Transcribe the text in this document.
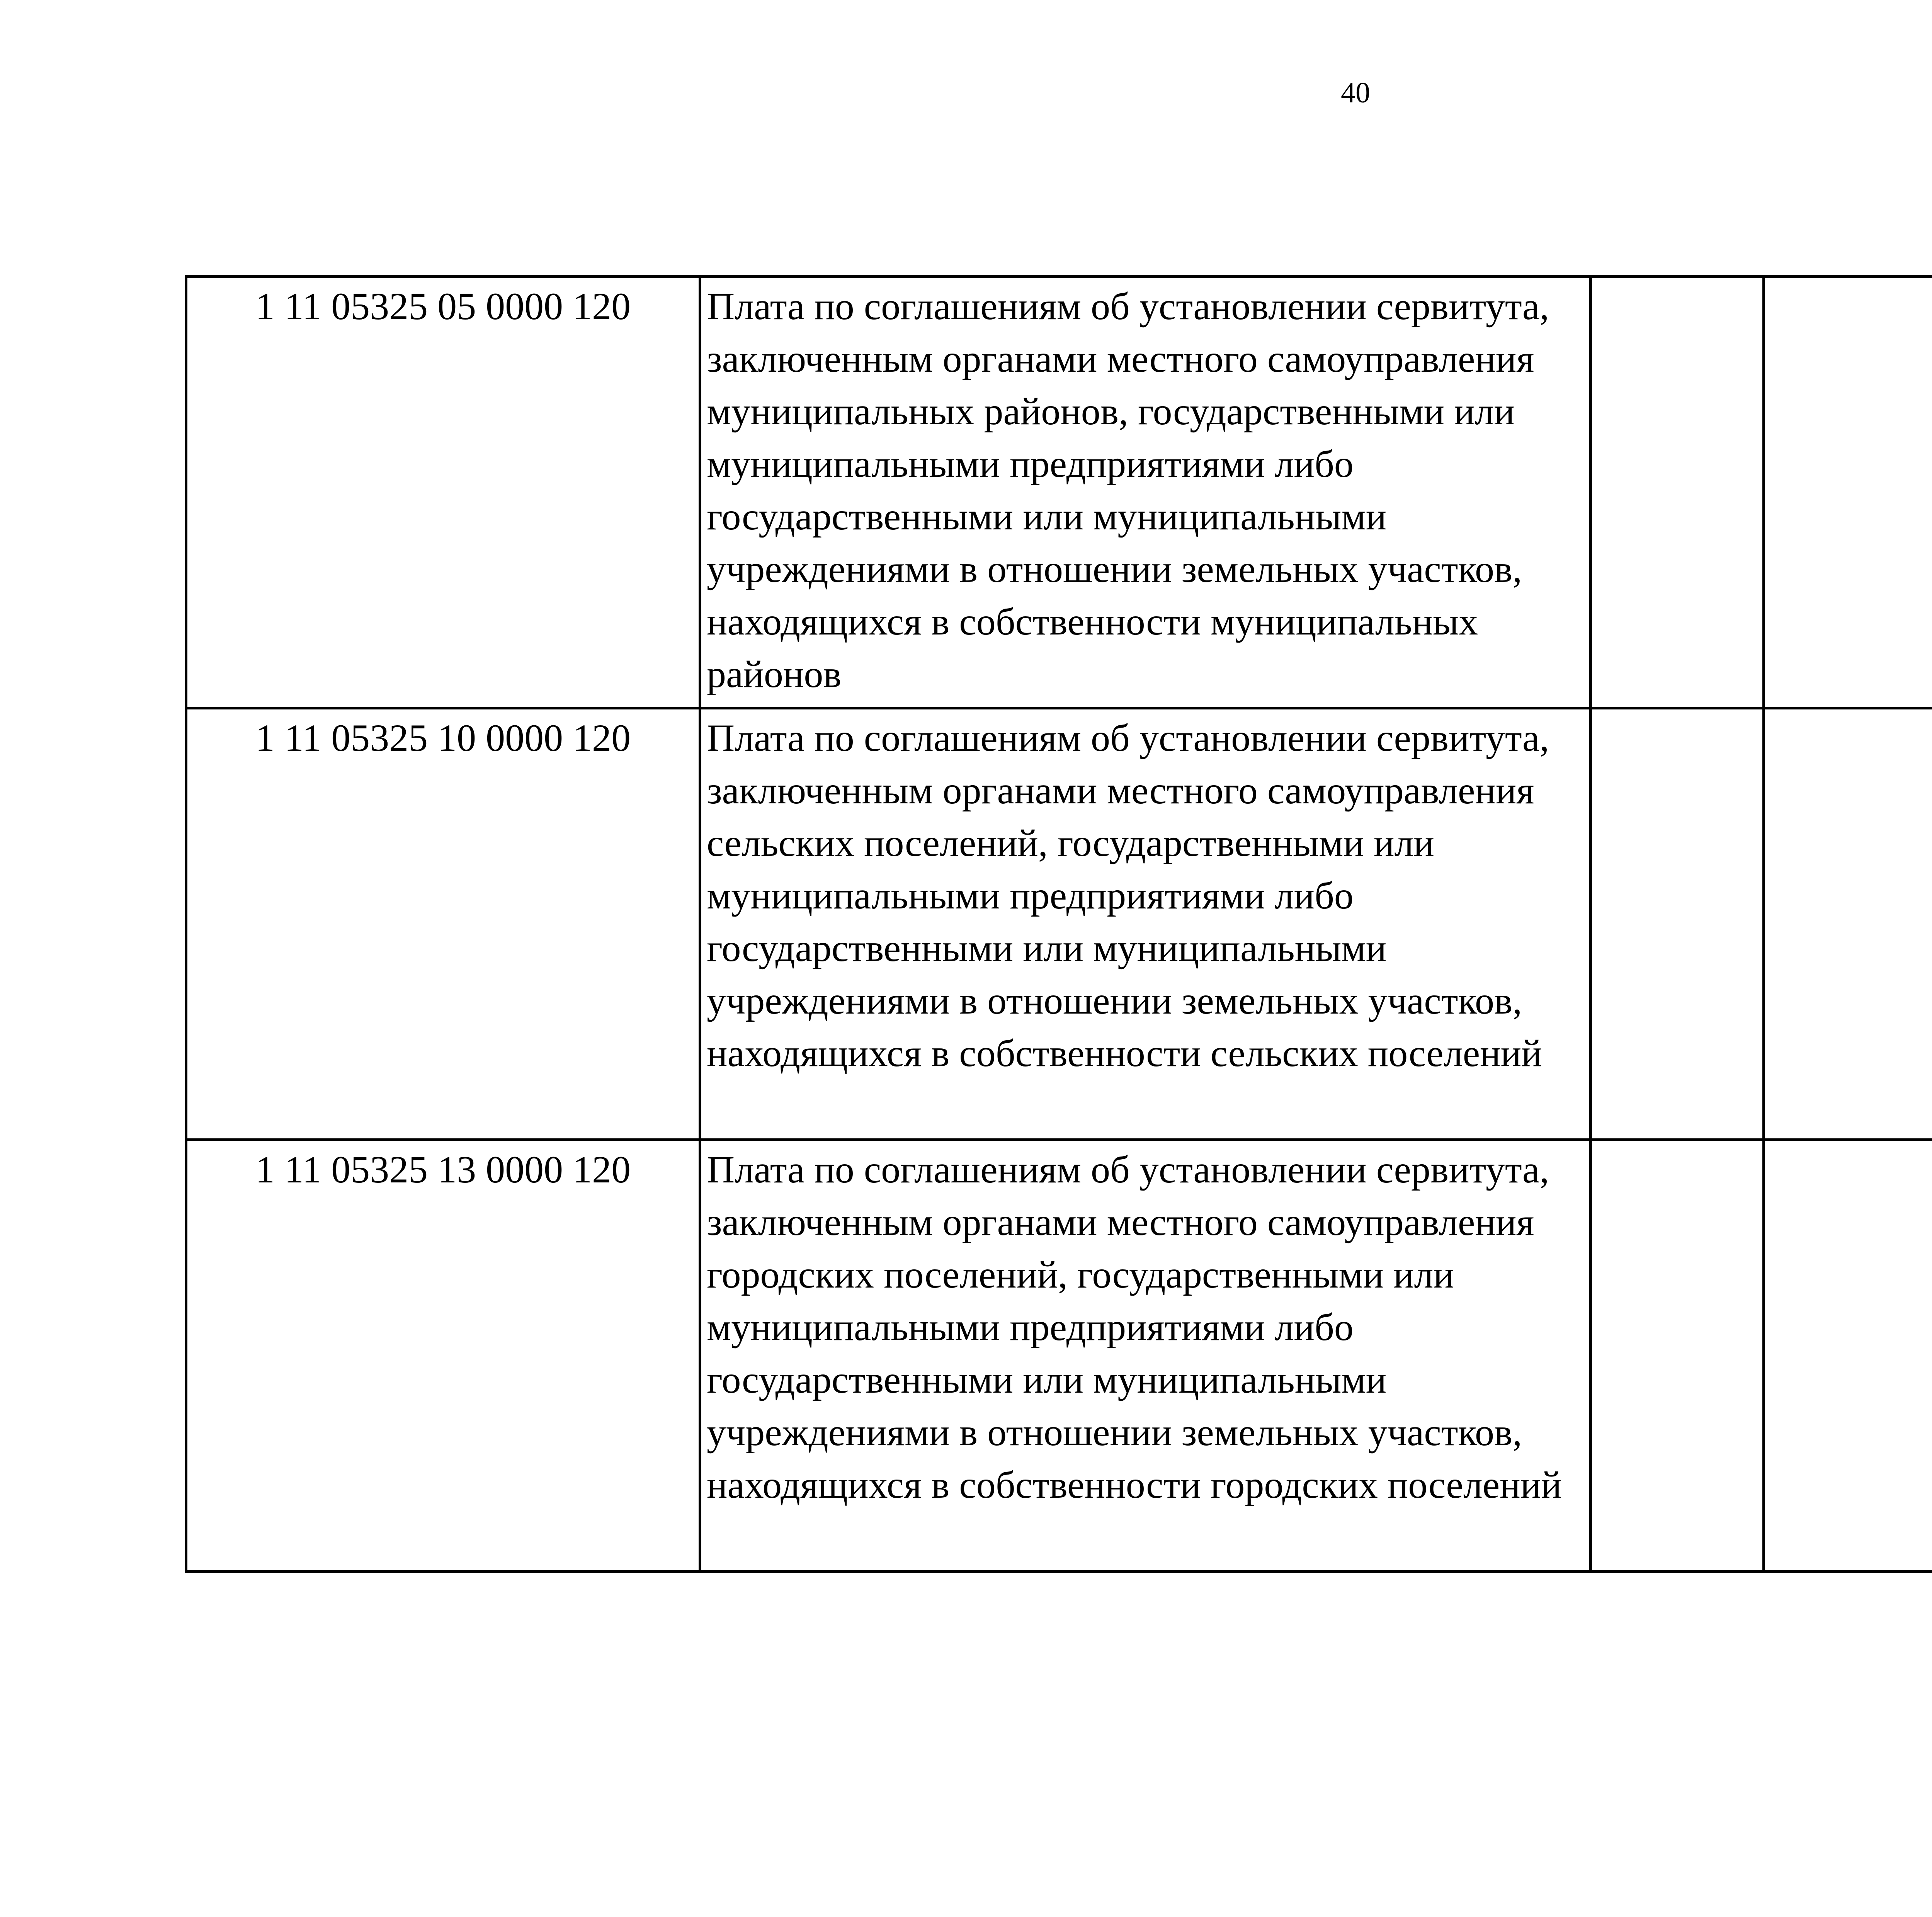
40
1 11 05325 05 0000 120	Плата по соглашениям об установлении сервитута, заключенным органами местного самоуправления муниципальных районов, государственными или муниципальными предприятиями либо государственными или муниципальными учреждениями в отношении земельных участков, находящихся в собственности муниципальных районов					
1 11 05325 10 0000 120	Плата по соглашениям об установлении сервитута, заключенным органами местного самоуправления сельских поселений, государственными или муниципальными предприятиями либо государственными или муниципальными учреждениями в отношении земельных участков, находящихся в собственности сельских поселений					
1 11 05325 13 0000 120	Плата по соглашениям об установлении сервитута, заключенным органами местного самоуправления городских поселений, государственными или муниципальными предприятиями либо государственными или муниципальными учреждениями в отношении земельных участков, находящихся в собственности городских поселений					
